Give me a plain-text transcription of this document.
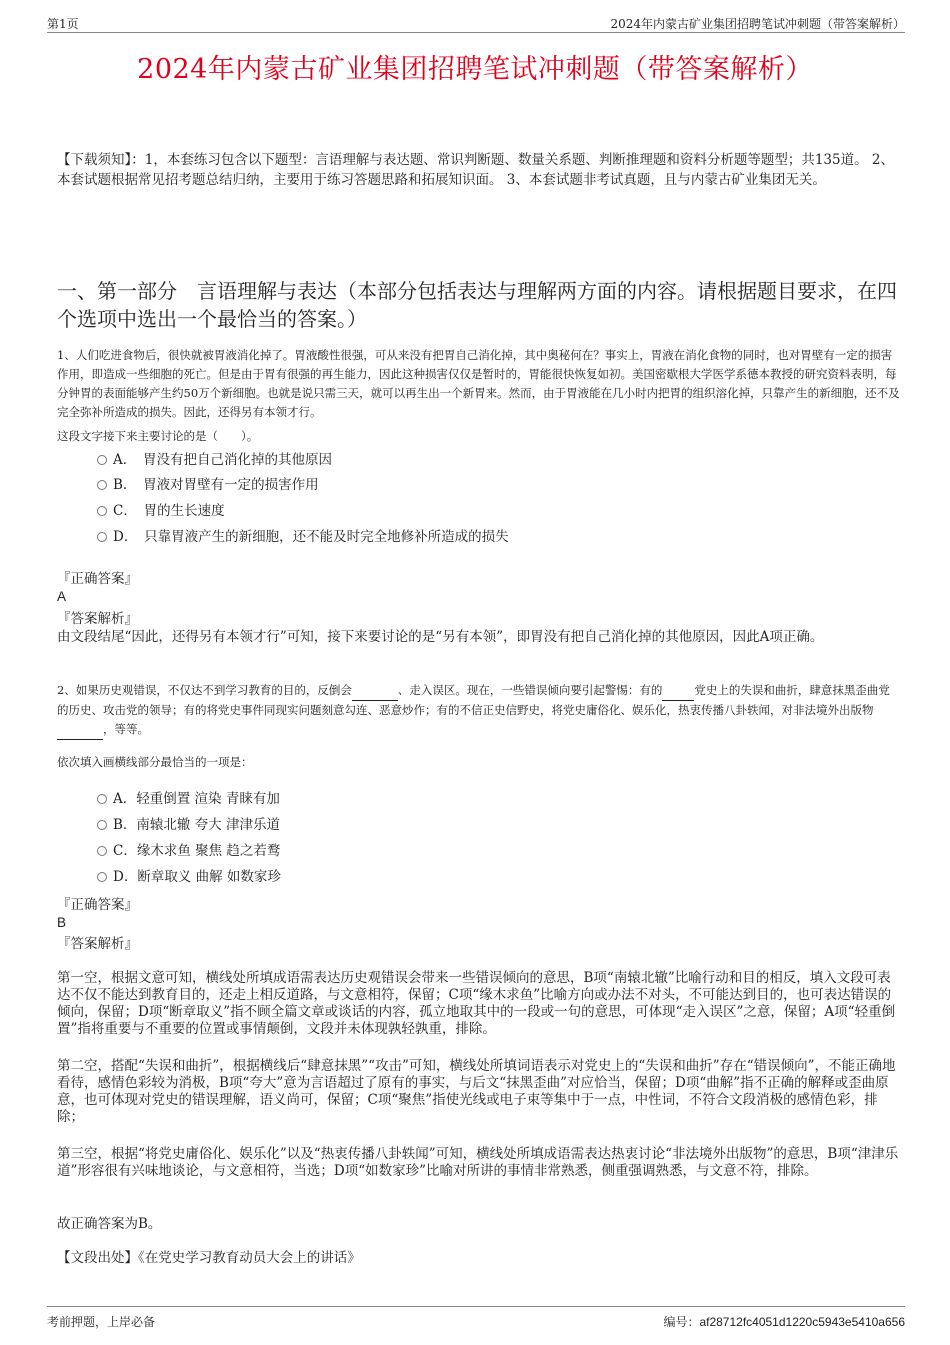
第1页	2024年内蒙古矿业集团招聘笔试冲刺题（带答案解析）
2024年内蒙古矿业集团招聘笔试冲刺题（带答案解析）
【下载须知】：1，本套练习包含以下题型：言语理解与表达题、常识判断题、数量关系题、判断推理题和资料分析题等题型；共135道。 2、本套试题根据常见招考题总结归纳，主要用于练习答题思路和拓展知识面。 3、本套试题非考试真题，且与内蒙古矿业集团无关。
一、第一部分　言语理解与表达（本部分包括表达与理解两方面的内容。请根据题目要求，在四个选项中选出一个最恰当的答案。）
1、人们吃进食物后，很快就被胃液消化掉了。胃液酸性很强，可从来没有把胃自己消化掉，其中奥秘何在？事实上，胃液在消化食物的同时，也对胃壁有一定的损害作用，即造成一些细胞的死亡。但是由于胃有很强的再生能力，因此这种损害仅仅是暂时的，胃能很快恢复如初。美国密歇根大学医学系德本教授的研究资料表明，每分钟胃的表面能够产生约50万个新细胞。也就是说只需三天，就可以再生出一个新胃来。然而，由于胃液能在几小时内把胃的组织溶化掉，只靠产生的新细胞，还不及完全弥补所造成的损失。因此，还得另有本领才行。
这段文字接下来主要讨论的是（　　）。
A．　胃没有把自己消化掉的其他原因
B．　胃液对胃壁有一定的损害作用
C．　胃的生长速度
D．　只靠胃液产生的新细胞，还不能及时完全地修补所造成的损失
『正确答案』
A
『答案解析』
由文段结尾“因此，还得另有本领才行”可知，接下来要讨论的是“另有本领”，即胃没有把自己消化掉的其他原因，因此A项正确。
2、如果历史观错误，不仅达不到学习教育的目的，反倒会	、走入误区。现在，一些错误倾向要引起警惕：有的	党史上的失误和曲折，肆意抹黑歪曲党的历史、攻击党的领导；有的将党史事件同现实问题刻意勾连、恶意炒作；有的不信正史信野史，将党史庸俗化、娱乐化，热衷传播八卦轶闻，对非法境外出版物 ，等等。
依次填入画横线部分最恰当的一项是：
A．轻重倒置 渲染 青睐有加
B．南辕北辙 夸大 津津乐道
C．缘木求鱼 聚焦 趋之若鹜
D．断章取义 曲解 如数家珍
『正确答案』
B
『答案解析』
第一空，根据文意可知，横线处所填成语需表达历史观错误会带来一些错误倾向的意思，B项“南辕北辙”比喻行动和目的相反，填入文段可表达不仅不能达到教育目的，还走上相反道路，与文意相符，保留；C项“缘木求鱼”比喻方向或办法不对头，不可能达到目的，也可表达错误的倾向，保留；D项“断章取义”指不顾全篇文章或谈话的内容，孤立地取其中的一段或一句的意思，可体现“走入误区”之意，保留；A项“轻重倒置”指将重要与不重要的位置或事情颠倒，文段并未体现孰轻孰重，排除。
第二空，搭配“失误和曲折”，根据横线后“肆意抹黑”“攻击”可知，横线处所填词语表示对党史上的“失误和曲折”存在“错误倾向”，不能正确地看待，感情色彩较为消极，B项“夸大”意为言语超过了原有的事实，与后文“抹黑歪曲”对应恰当，保留；D项“曲解”指不正确的解释或歪曲原意，也可体现对党史的错误理解，语义尚可，保留；C项“聚焦”指使光线或电子束等集中于一点，中性词，不符合文段消极的感情色彩，排除；
第三空，根据“将党史庸俗化、娱乐化”以及“热衷传播八卦轶闻”可知，横线处所填成语需表达热衷讨论“非法境外出版物”的意思，B项“津津乐道”形容很有兴味地谈论，与文意相符，当选；D项“如数家珍”比喻对所讲的事情非常熟悉，侧重强调熟悉，与文意不符，排除。
故正确答案为B。
【文段出处】《在党史学习教育动员大会上的讲话》
考前押题，上岸必备	编号：af28712fc4051d1220c5943e5410a656
